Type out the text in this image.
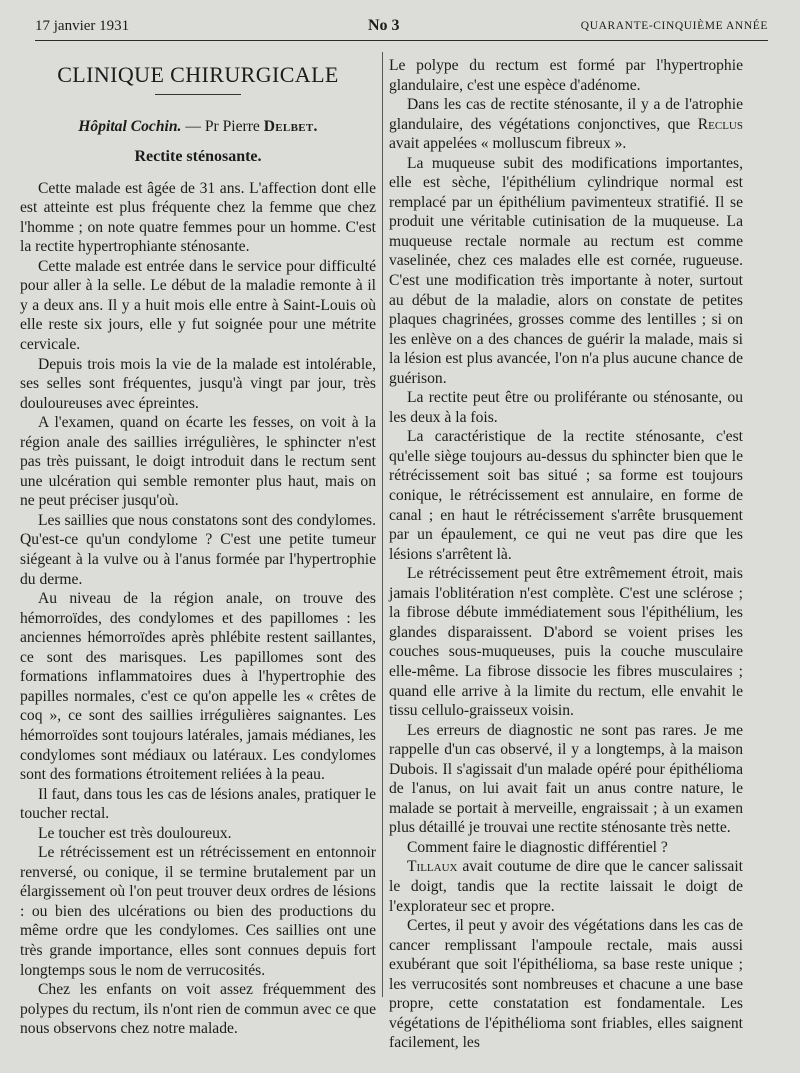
17 janvier 1931	No 3	QUARANTE-CINQUIÈME ANNÉE
CLINIQUE CHIRURGICALE
Hôpital Cochin. — Pr Pierre Delbet.
Rectite sténosante.

Cette malade est âgée de 31 ans. L'affection dont elle est atteinte est plus fréquente chez la femme que chez l'homme ; on note quatre femmes pour un homme. C'est la rectite hypertrophiante sténosante.

Cette malade est entrée dans le service pour difficulté pour aller à la selle. Le début de la maladie remonte à il y a deux ans. Il y a huit mois elle entre à Saint-Louis où elle reste six jours, elle y fut soignée pour une métrite cervicale.

Depuis trois mois la vie de la malade est intolérable, ses selles sont fréquentes, jusqu'à vingt par jour, très douloureuses avec épreintes.

A l'examen, quand on écarte les fesses, on voit à la région anale des saillies irrégulières, le sphincter n'est pas très puissant, le doigt introduit dans le rectum sent une ulcération qui semble remonter plus haut, mais on ne peut préciser jusqu'où.

Les saillies que nous constatons sont des condylomes. Qu'est-ce qu'un condylome ? C'est une petite tumeur siégeant à la vulve ou à l'anus formée par l'hypertrophie du derme.

Au niveau de la région anale, on trouve des hémorroïdes, des condylomes et des papillomes : les anciennes hémorroïdes après phlébite restent saillantes, ce sont des marisques. Les papillomes sont des formations inflammatoires dues à l'hypertrophie des papilles normales, c'est ce qu'on appelle les « crêtes de coq », ce sont des saillies irrégulières saignantes. Les hémorroïdes sont toujours latérales, jamais médianes, les condylomes sont médiaux ou latéraux. Les condylomes sont des formations étroitement reliées à la peau.

Il faut, dans tous les cas de lésions anales, pratiquer le toucher rectal.

Le toucher est très douloureux.

Le rétrécissement est un rétrécissement en entonnoir renversé, ou conique, il se termine brutalement par un élargissement où l'on peut trouver deux ordres de lésions : ou bien des ulcérations ou bien des productions du même ordre que les condylomes. Ces saillies ont une très grande importance, elles sont connues depuis fort longtemps sous le nom de verrucosités.

Chez les enfants on voit assez fréquemment des polypes du rectum, ils n'ont rien de commun avec ce que nous observons chez notre malade.

Le polype du rectum est formé par l'hypertrophie glandulaire, c'est une espèce d'adénome.

Dans les cas de rectite sténosante, il y a de l'atrophie glandulaire, des végétations conjonctives, que Reclus avait appelées « molluscum fibreux ».

La muqueuse subit des modifications importantes, elle est sèche, l'épithélium cylindrique normal est remplacé par un épithélium pavimenteux stratifié. Il se produit une véritable cutinisation de la muqueuse. La muqueuse rectale normale au rectum est comme vaselinée, chez ces malades elle est cornée, rugueuse. C'est une modification très importante à noter, surtout au début de la maladie, alors on constate de petites plaques chagrinées, grosses comme des lentilles ; si on les enlève on a des chances de guérir la malade, mais si la lésion est plus avancée, l'on n'a plus aucune chance de guérison.

La rectite peut être ou proliférante ou sténosante, ou les deux à la fois.

La caractéristique de la rectite sténosante, c'est qu'elle siège toujours au-dessus du sphincter bien que le rétrécissement soit bas situé ; sa forme est toujours conique, le rétrécissement est annulaire, en forme de canal ; en haut le rétrécissement s'arrête brusquement par un épaulement, ce qui ne veut pas dire que les lésions s'arrêtent là.

Le rétrécissement peut être extrêmement étroit, mais jamais l'oblitération n'est complète. C'est une sclérose ; la fibrose débute immédiatement sous l'épithélium, les glandes disparaissent. D'abord se voient prises les couches sous-muqueuses, puis la couche musculaire elle-même. La fibrose dissocie les fibres musculaires ; quand elle arrive à la limite du rectum, elle envahit le tissu cellulo-graisseux voisin.

Les erreurs de diagnostic ne sont pas rares. Je me rappelle d'un cas observé, il y a longtemps, à la maison Dubois. Il s'agissait d'un malade opéré pour épithélioma de l'anus, on lui avait fait un anus contre nature, le malade se portait à merveille, engraissait ; à un examen plus détaillé je trouvai une rectite sténosante très nette.

Comment faire le diagnostic différentiel ?

Tillaux avait coutume de dire que le cancer salissait le doigt, tandis que la rectite laissait le doigt de l'explorateur sec et propre.

Certes, il peut y avoir des végétations dans les cas de cancer remplissant l'ampoule rectale, mais aussi exubérant que soit l'épithélioma, sa base reste unique ; les verrucosités sont nombreuses et chacune a une base propre, cette constatation est fondamentale. Les végétations de l'épithélioma sont friables, elles saignent facilement, les
